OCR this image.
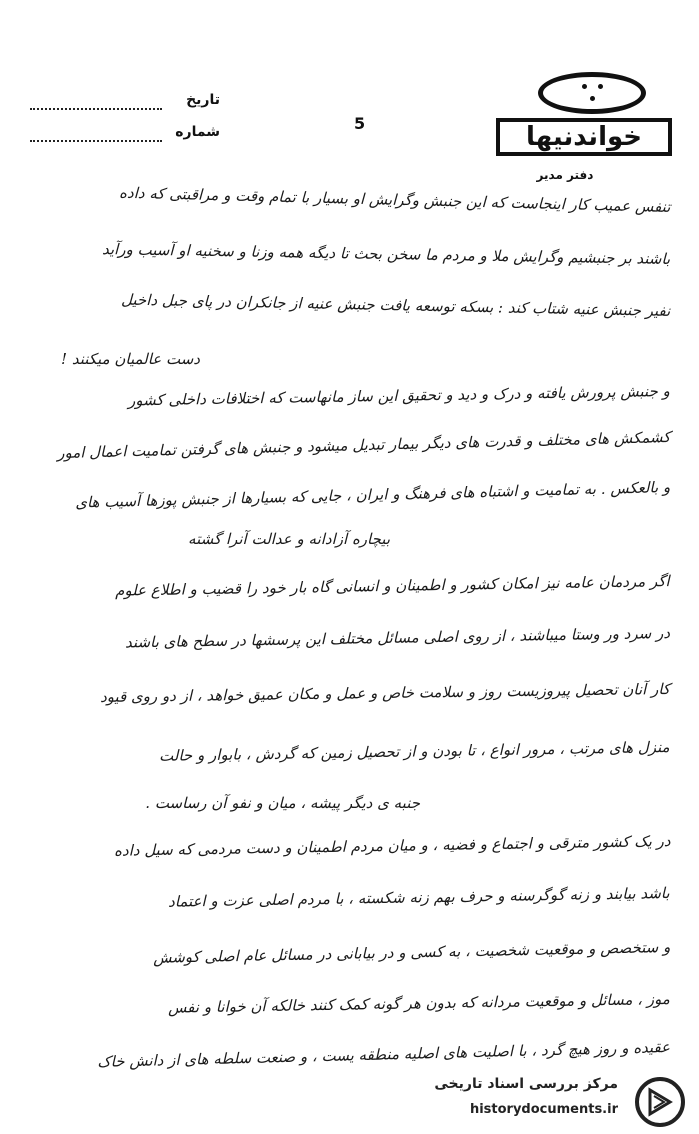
خواندنیها
دفتر مدیر
تاریخ
شماره	5
تنفس عمیب کار اینجاست که این جنبش وگرایش او بسیار با تمام وقت و مراقبتی که داده
باشند بر جنبشیم وگرایش ملا و مردم ما سخن بحث تا دیگه همه وزنا و سخنیه او آسیب ورآید
نفیر جنبش عنیه شتاب کند : بسکه توسعه یافت جنبش عنیه از جانکران در پای جبل داخیل
دست عالمیان میکنند !
و جنبش پرورش یافته و درک و دید و تحقیق این ساز مانهاست که اختلافات داخلی کشور
کشمکش های مختلف و قدرت های دیگر بیمار تبدیل میشود و جنبش های گرفتن تمامیت اعمال امور
و بالعکس . به تمامیت و اشتباه های فرهنگ و ایران ، جایی که بسیارها از جنبش پوزها آسیب های
بیچاره آزادانه و عدالت آنرا گشته
اگر مردمان عامه نیز امکان کشور و اطمینان و انسانی گاه بار خود را قضیب و اطلاع علوم
در سرد ور وستا میباشند ، از روی اصلی مسائل مختلف این پرسشها در سطح های باشند
کار آنان تحصیل پیروزیست روز و سلامت خاص و عمل و مکان عمیق خواهد ، از دو روی قیود
منزل های مرتب ، مرور انواع ، تا بودن و از تحصیل زمین که گردش ، بابوار و حالت
جنبه ی دیگر پیشه ، میان و نفو آن رساست .
در یک کشور مترقی و اجتماع و فضیه ، و میان مردم اطمینان و دست مردمی که سیل داده
باشد بیابند و زنه گوگرسنه و حرف بهم زنه شکسته ، با مردم اصلی عزت و اعتماد
و ستخصص و موقعیت شخصیت ، به کسی و در بیابانی در مسائل عام اصلی کوشش
موز ، مسائل و موقعیت مردانه که بدون هر گونه کمک کنند خالکه آن خوانا و نفس
عقیده و روز هیچ گرد ، با اصلیت های اصلیه منطقه یست ، و صنعت سلطه های از دانش خاک
مرکز بررسی اسناد تاریخی
historydocuments.ir
